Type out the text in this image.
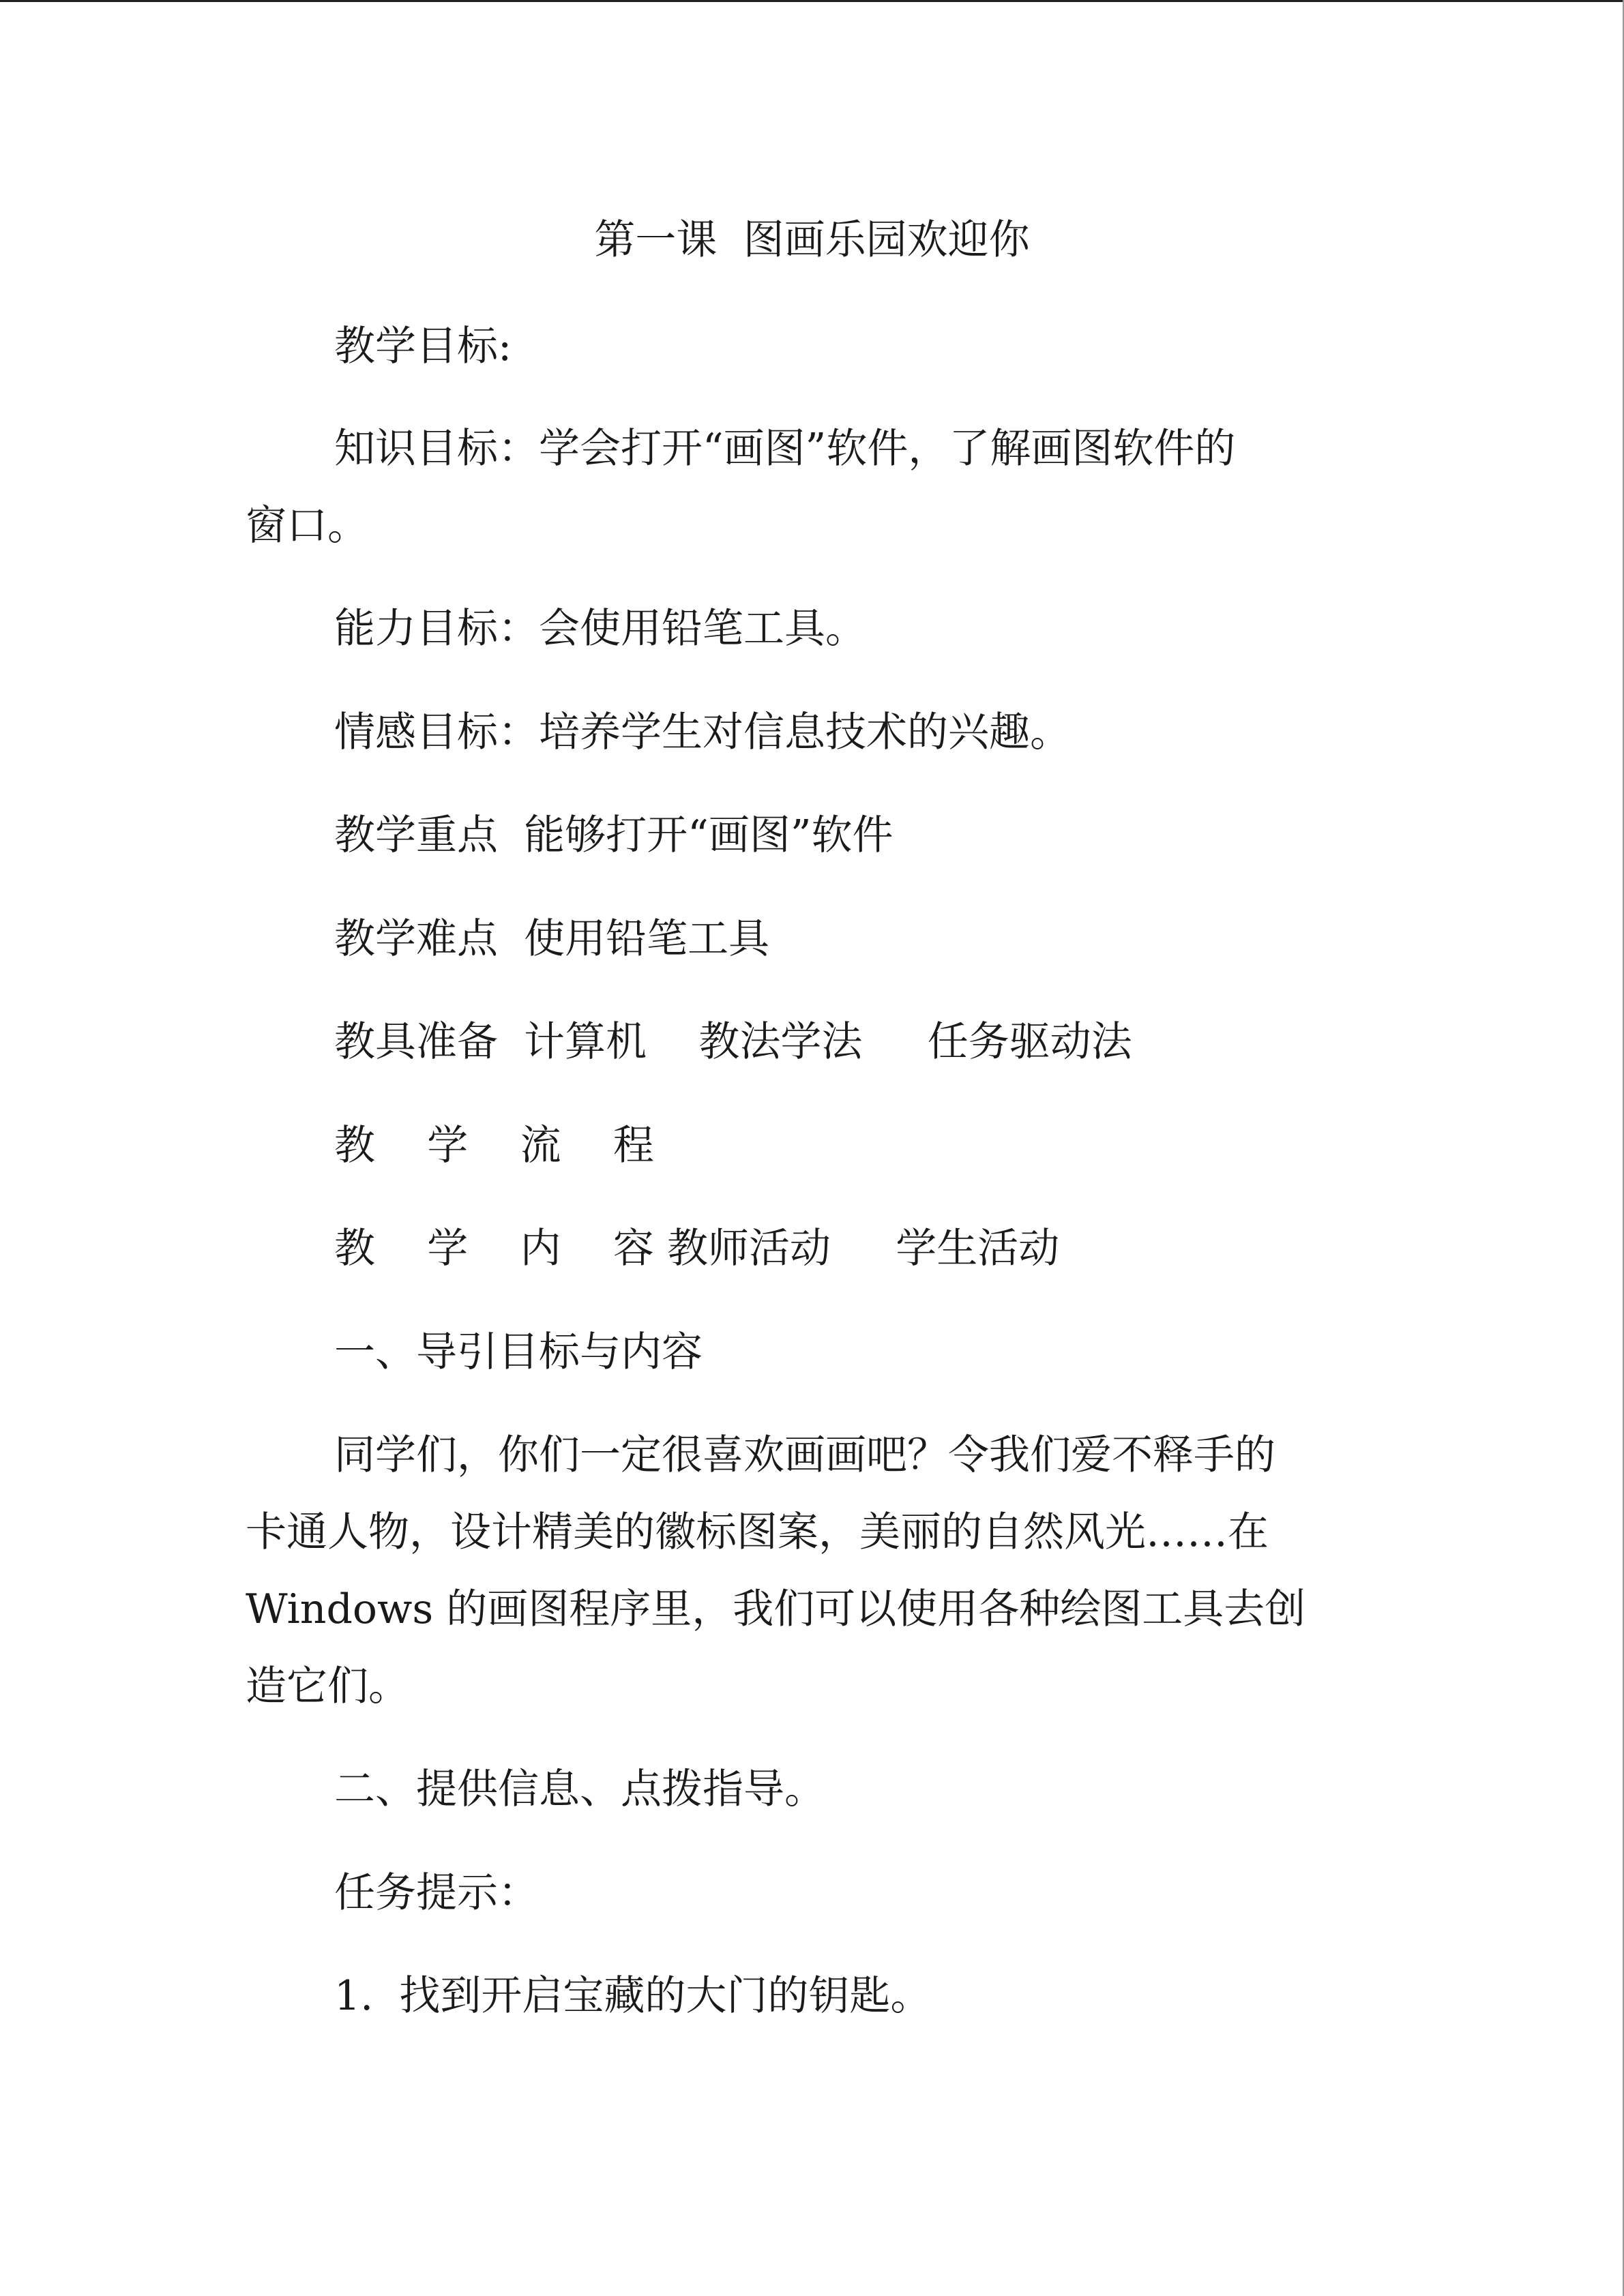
第一课  图画乐园欢迎你
教学目标:
知识目标：学会打开“画图”软件，了解画图软件的
窗口。
能力目标：会使用铅笔工具。
情感目标：培养学生对信息技术的兴趣。
教学重点  能够打开“画图”软件
教学难点  使用铅笔工具
教具准备  计算机    教法学法     任务驱动法
教    学    流    程
教    学    内    容 教师活动     学生活动
一、导引目标与内容
同学们，你们一定很喜欢画画吧？令我们爱不释手的
卡通人物，设计精美的徽标图案，美丽的自然风光……在
Windows 的画图程序里，我们可以使用各种绘图工具去创
造它们。
二、提供信息、点拨指导。
任务提示：
1.  找到开启宝藏的大门的钥匙。
